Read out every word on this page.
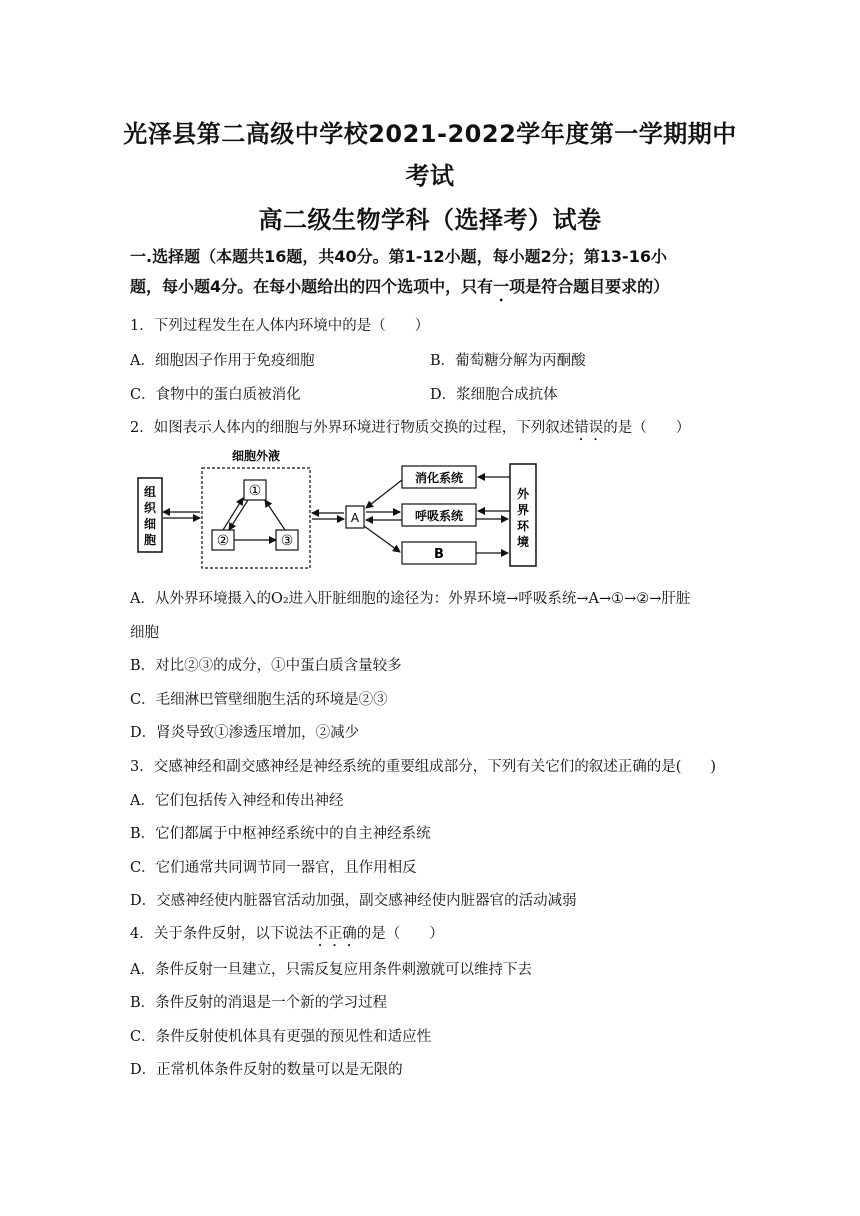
光泽县第二高级中学校2021-2022学年度第一学期期中
考试
高二级生物学科（选择考）试卷
一.选择题（本题共16题，共40分。第1-12小题，每小题2分；第13-16小
题，每小题4分。在每小题给出的四个选项中，只有一项是符合题目要求的）
1．下列过程发生在人体内环境中的是（　　）
A．细胞因子作用于免疫细胞	B．葡萄糖分解为丙酮酸
C．食物中的蛋白质被消化	D．浆细胞合成抗体
2．如图表示人体内的细胞与外界环境进行物质交换的过程，下列叙述错误的是（　　）
组
织
细
胞
细胞外液
①
②	③
A
消化系统
呼吸系统
B
外
界
环
境
A．从外界环境摄入的O₂进入肝脏细胞的途径为：外界环境→呼吸系统→A→①→②→肝脏
细胞
B．对比②③的成分，①中蛋白质含量较多
C．毛细淋巴管壁细胞生活的环境是②③
D．肾炎导致①渗透压增加，②减少
3．交感神经和副交感神经是神经系统的重要组成部分，下列有关它们的叙述正确的是(　　)
A．它们包括传入神经和传出神经
B．它们都属于中枢神经系统中的自主神经系统
C．它们通常共同调节同一器官，且作用相反
D．交感神经使内脏器官活动加强，副交感神经使内脏器官的活动减弱
4．关于条件反射，以下说法不正确的是（　　）
A．条件反射一旦建立，只需反复应用条件刺激就可以维持下去
B．条件反射的消退是一个新的学习过程
C．条件反射使机体具有更强的预见性和适应性
D．正常机体条件反射的数量可以是无限的
